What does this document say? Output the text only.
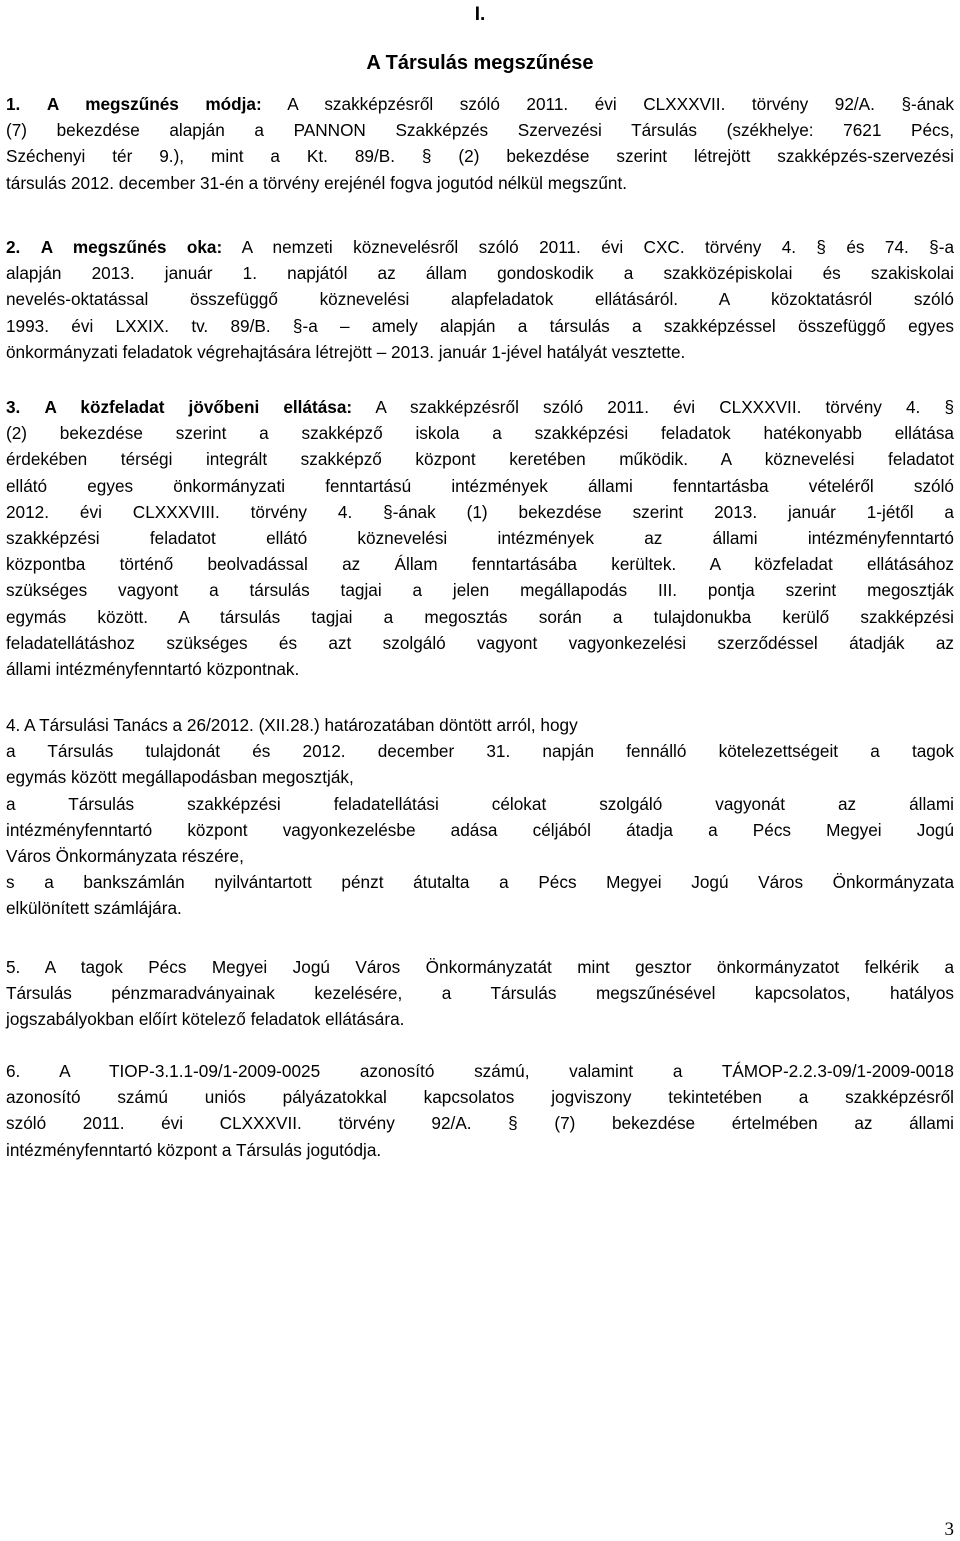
I.
A Társulás megszűnése
1. A megszűnés módja: A szakképzésről szóló 2011. évi CLXXXVII. törvény 92/A. §-ának
(7) bekezdése alapján a PANNON Szakképzés Szervezési Társulás (székhelye: 7621 Pécs,
Széchenyi tér 9.), mint a Kt. 89/B. § (2) bekezdése szerint létrejött szakképzés-szervezési
társulás 2012. december 31-én a törvény erejénél fogva jogutód nélkül megszűnt.
2. A megszűnés oka: A nemzeti köznevelésről szóló 2011. évi CXC. törvény 4. § és 74. §-a
alapján 2013. január 1. napjától az állam gondoskodik a szakközépiskolai és szakiskolai
nevelés-oktatással összefüggő köznevelési alapfeladatok ellátásáról. A közoktatásról szóló
1993. évi LXXIX. tv. 89/B. §-a – amely alapján a társulás a szakképzéssel összefüggő egyes
önkormányzati feladatok végrehajtására létrejött – 2013. január 1-jével hatályát vesztette.
3. A közfeladat jövőbeni ellátása: A szakképzésről szóló 2011. évi CLXXXVII. törvény 4. §
(2) bekezdése szerint a szakképző iskola a szakképzési feladatok hatékonyabb ellátása
érdekében térségi integrált szakképző központ keretében működik. A köznevelési feladatot
ellátó egyes önkormányzati fenntartású intézmények állami fenntartásba vételéről szóló
2012. évi CLXXXVIII. törvény 4. §-ának (1) bekezdése szerint 2013. január 1-jétől a
szakképzési feladatot ellátó köznevelési intézmények az állami intézményfenntartó
központba történő beolvadással az Állam fenntartásába kerültek. A közfeladat ellátásához
szükséges vagyont a társulás tagjai a jelen megállapodás III. pontja szerint megosztják
egymás között. A társulás tagjai a megosztás során a tulajdonukba kerülő szakképzési
feladatellátáshoz szükséges és azt szolgáló vagyont vagyonkezelési szerződéssel átadják az
állami intézményfenntartó központnak.
4. A Társulási Tanács a 26/2012. (XII.28.) határozatában döntött arról, hogy
a Társulás tulajdonát és 2012. december 31. napján fennálló kötelezettségeit a tagok
egymás között megállapodásban megosztják,
a Társulás szakképzési feladatellátási célokat szolgáló vagyonát az állami
intézményfenntartó központ vagyonkezelésbe adása céljából átadja a Pécs Megyei Jogú
Város Önkormányzata részére,
s a bankszámlán nyilvántartott pénzt átutalta a Pécs Megyei Jogú Város Önkormányzata
elkülönített számlájára.
5. A tagok Pécs Megyei Jogú Város Önkormányzatát mint gesztor önkormányzatot felkérik a
Társulás pénzmaradványainak kezelésére, a Társulás megszűnésével kapcsolatos, hatályos
jogszabályokban előírt kötelező feladatok ellátására.
6. A TIOP-3.1.1-09/1-2009-0025 azonosító számú, valamint a TÁMOP-2.2.3-09/1-2009-0018
azonosító számú uniós pályázatokkal kapcsolatos jogviszony tekintetében a szakképzésről
szóló 2011. évi CLXXXVII. törvény 92/A. § (7) bekezdése értelmében az állami
intézményfenntartó központ a Társulás jogutódja.
3
